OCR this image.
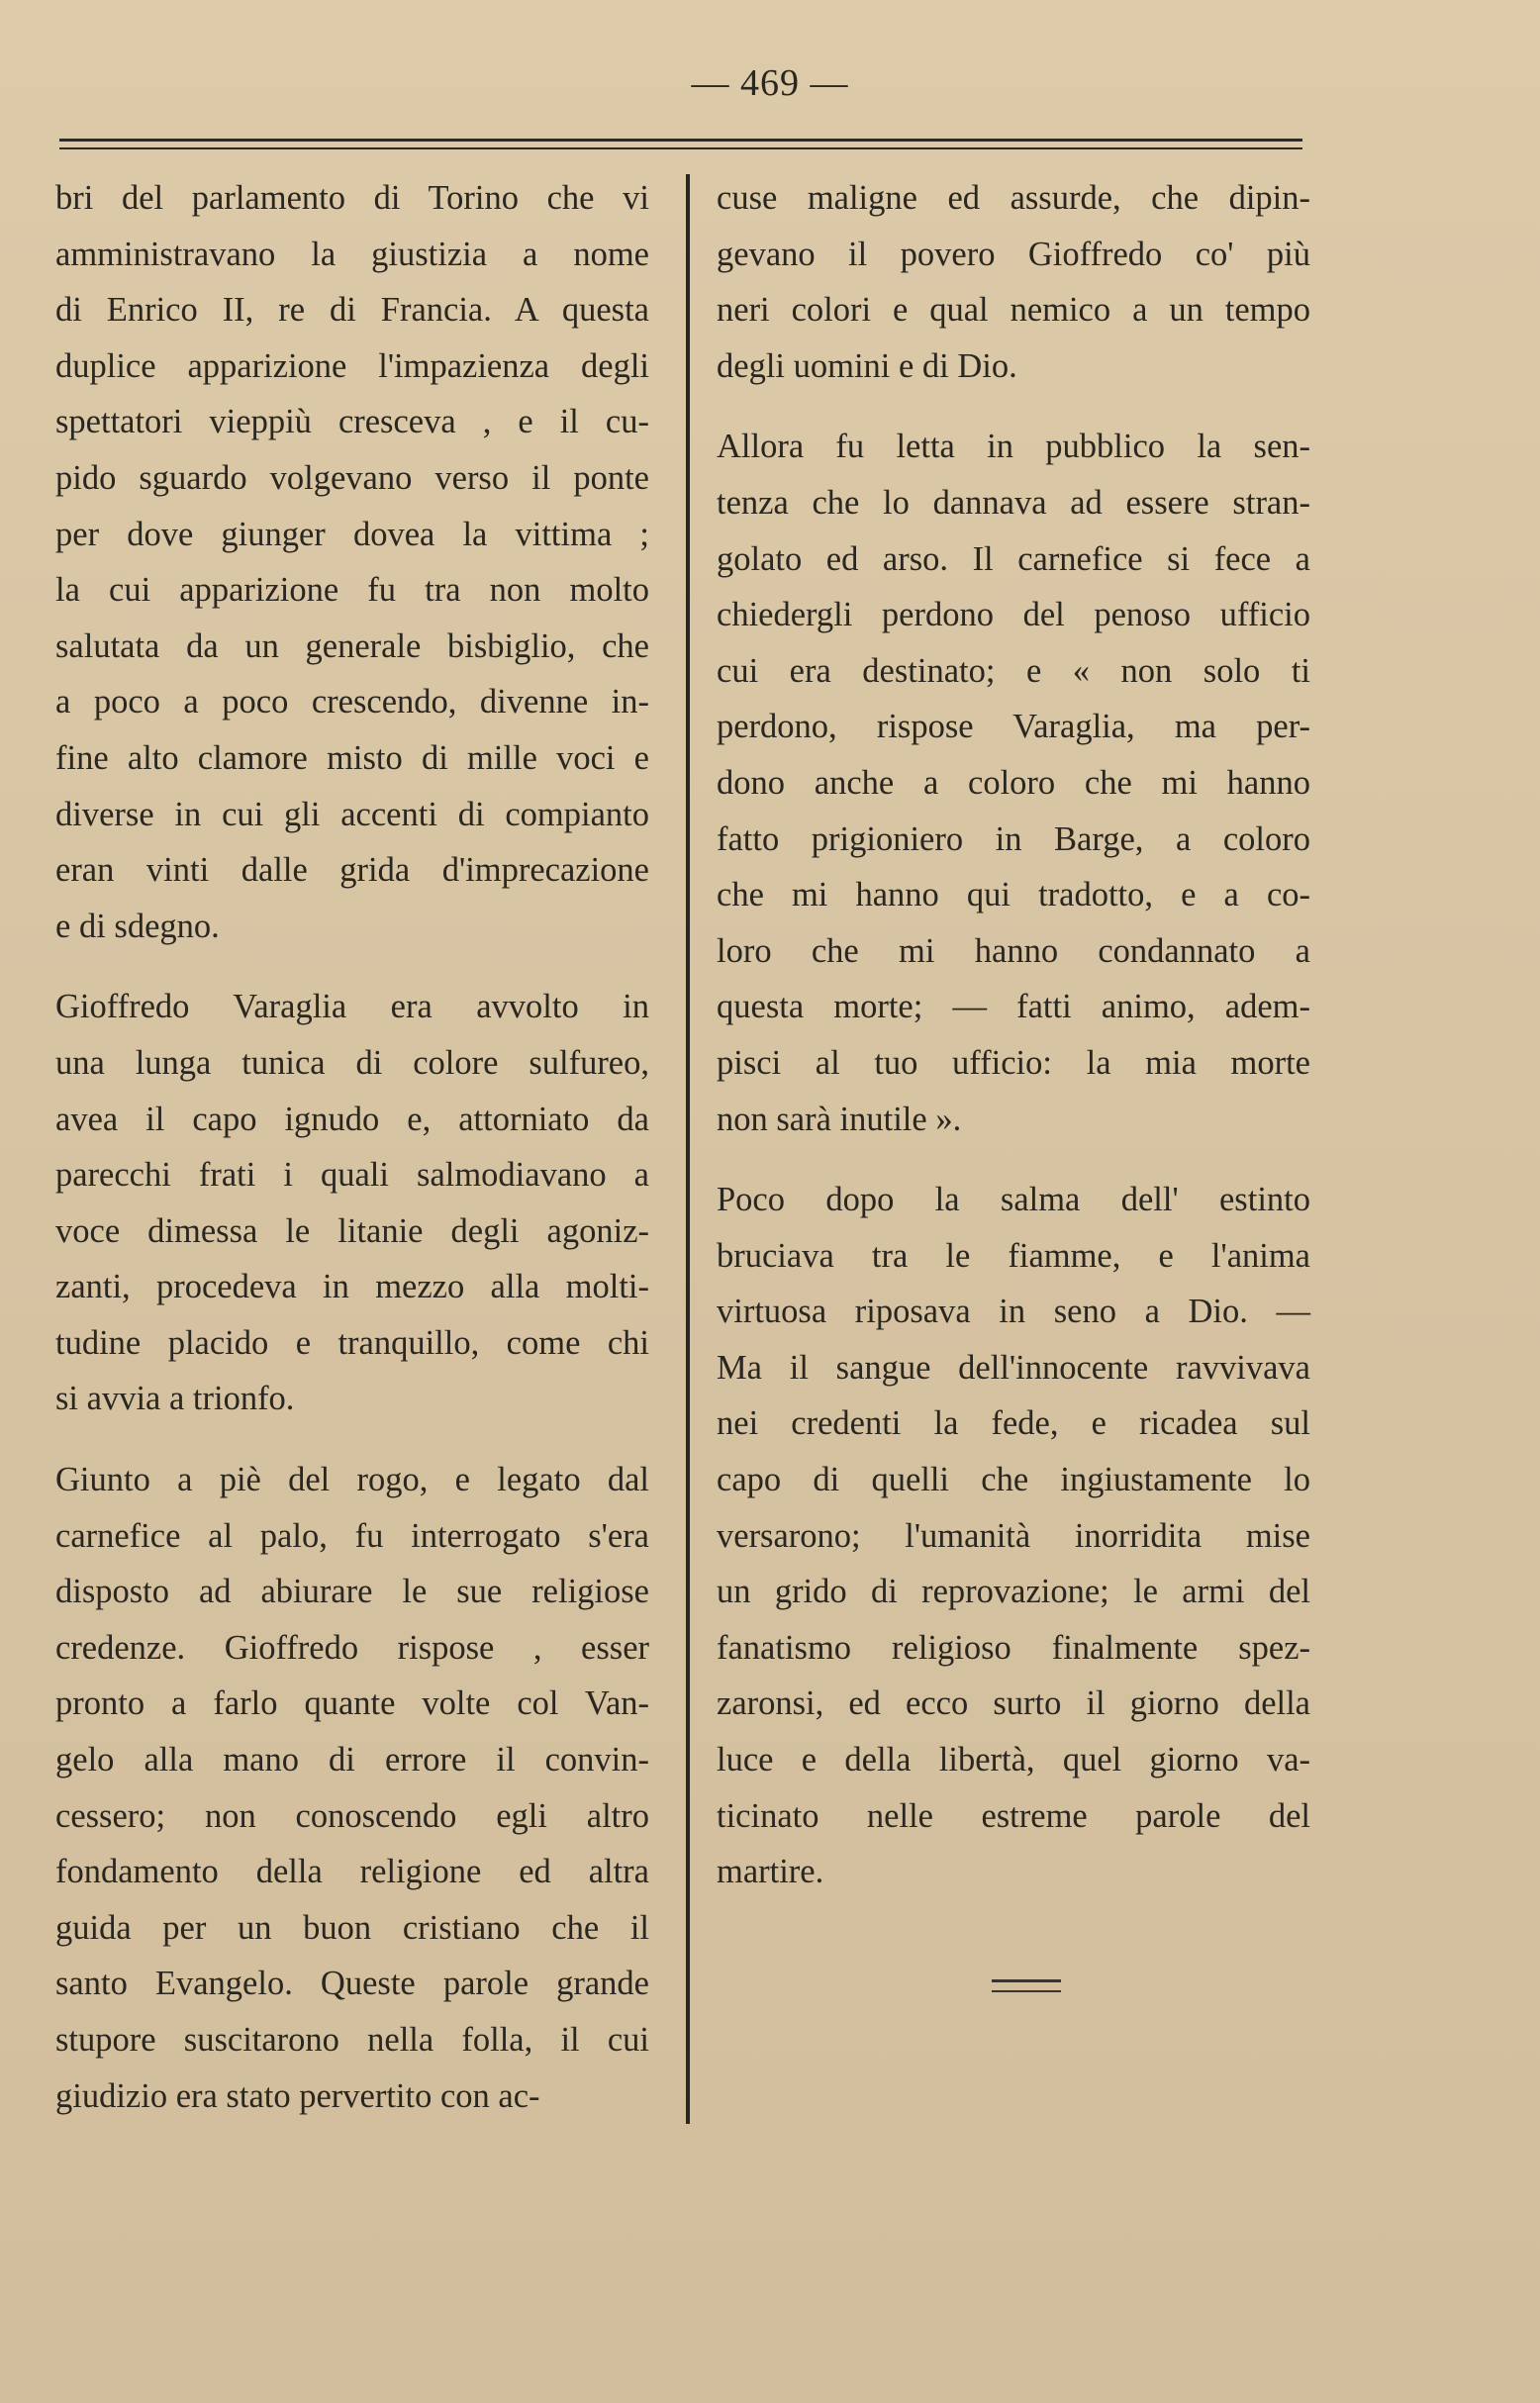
— 469 —
bri del parlamento di Torino che vi
amministravano la giustizia a nome
di Enrico II, re di Francia. A questa
duplice apparizione l'impazienza degli
spettatori vieppiù cresceva , e il cu-
pido sguardo volgevano verso il ponte
per dove giunger dovea la vittima ;
la cui apparizione fu tra non molto
salutata da un generale bisbiglio, che
a poco a poco crescendo, divenne in-
fine alto clamore misto di mille voci e
diverse in cui gli accenti di compianto
eran vinti dalle grida d'imprecazione
e di sdegno.
Gioffredo Varaglia era avvolto in
una lunga tunica di colore sulfureo,
avea il capo ignudo e, attorniato da
parecchi frati i quali salmodiavano a
voce dimessa le litanie degli agoniz-
zanti, procedeva in mezzo alla molti-
tudine placido e tranquillo, come chi
si avvia a trionfo.
Giunto a piè del rogo, e legato dal
carnefice al palo, fu interrogato s'era
disposto ad abiurare le sue religiose
credenze. Gioffredo rispose , esser
pronto a farlo quante volte col Van-
gelo alla mano di errore il convin-
cessero; non conoscendo egli altro
fondamento della religione ed altra
guida per un buon cristiano che il
santo Evangelo. Queste parole grande
stupore suscitarono nella folla, il cui
giudizio era stato pervertito con ac-
cuse maligne ed assurde, che dipin-
gevano il povero Gioffredo co' più
neri colori e qual nemico a un tempo
degli uomini e di Dio.
Allora fu letta in pubblico la sen-
tenza che lo dannava ad essere stran-
golato ed arso. Il carnefice si fece a
chiedergli perdono del penoso ufficio
cui era destinato; e « non solo ti
perdono, rispose Varaglia, ma per-
dono anche a coloro che mi hanno
fatto prigioniero in Barge, a coloro
che mi hanno qui tradotto, e a co-
loro che mi hanno condannato a
questa morte; — fatti animo, adem-
pisci al tuo ufficio: la mia morte
non sarà inutile ».
Poco dopo la salma dell' estinto
bruciava tra le fiamme, e l'anima
virtuosa riposava in seno a Dio. —
Ma il sangue dell'innocente ravvivava
nei credenti la fede, e ricadea sul
capo di quelli che ingiustamente lo
versarono; l'umanità inorridita mise
un grido di reprovazione; le armi del
fanatismo religioso finalmente spez-
zaronsi, ed ecco surto il giorno della
luce e della libertà, quel giorno va-
ticinato nelle estreme parole del
martire.
